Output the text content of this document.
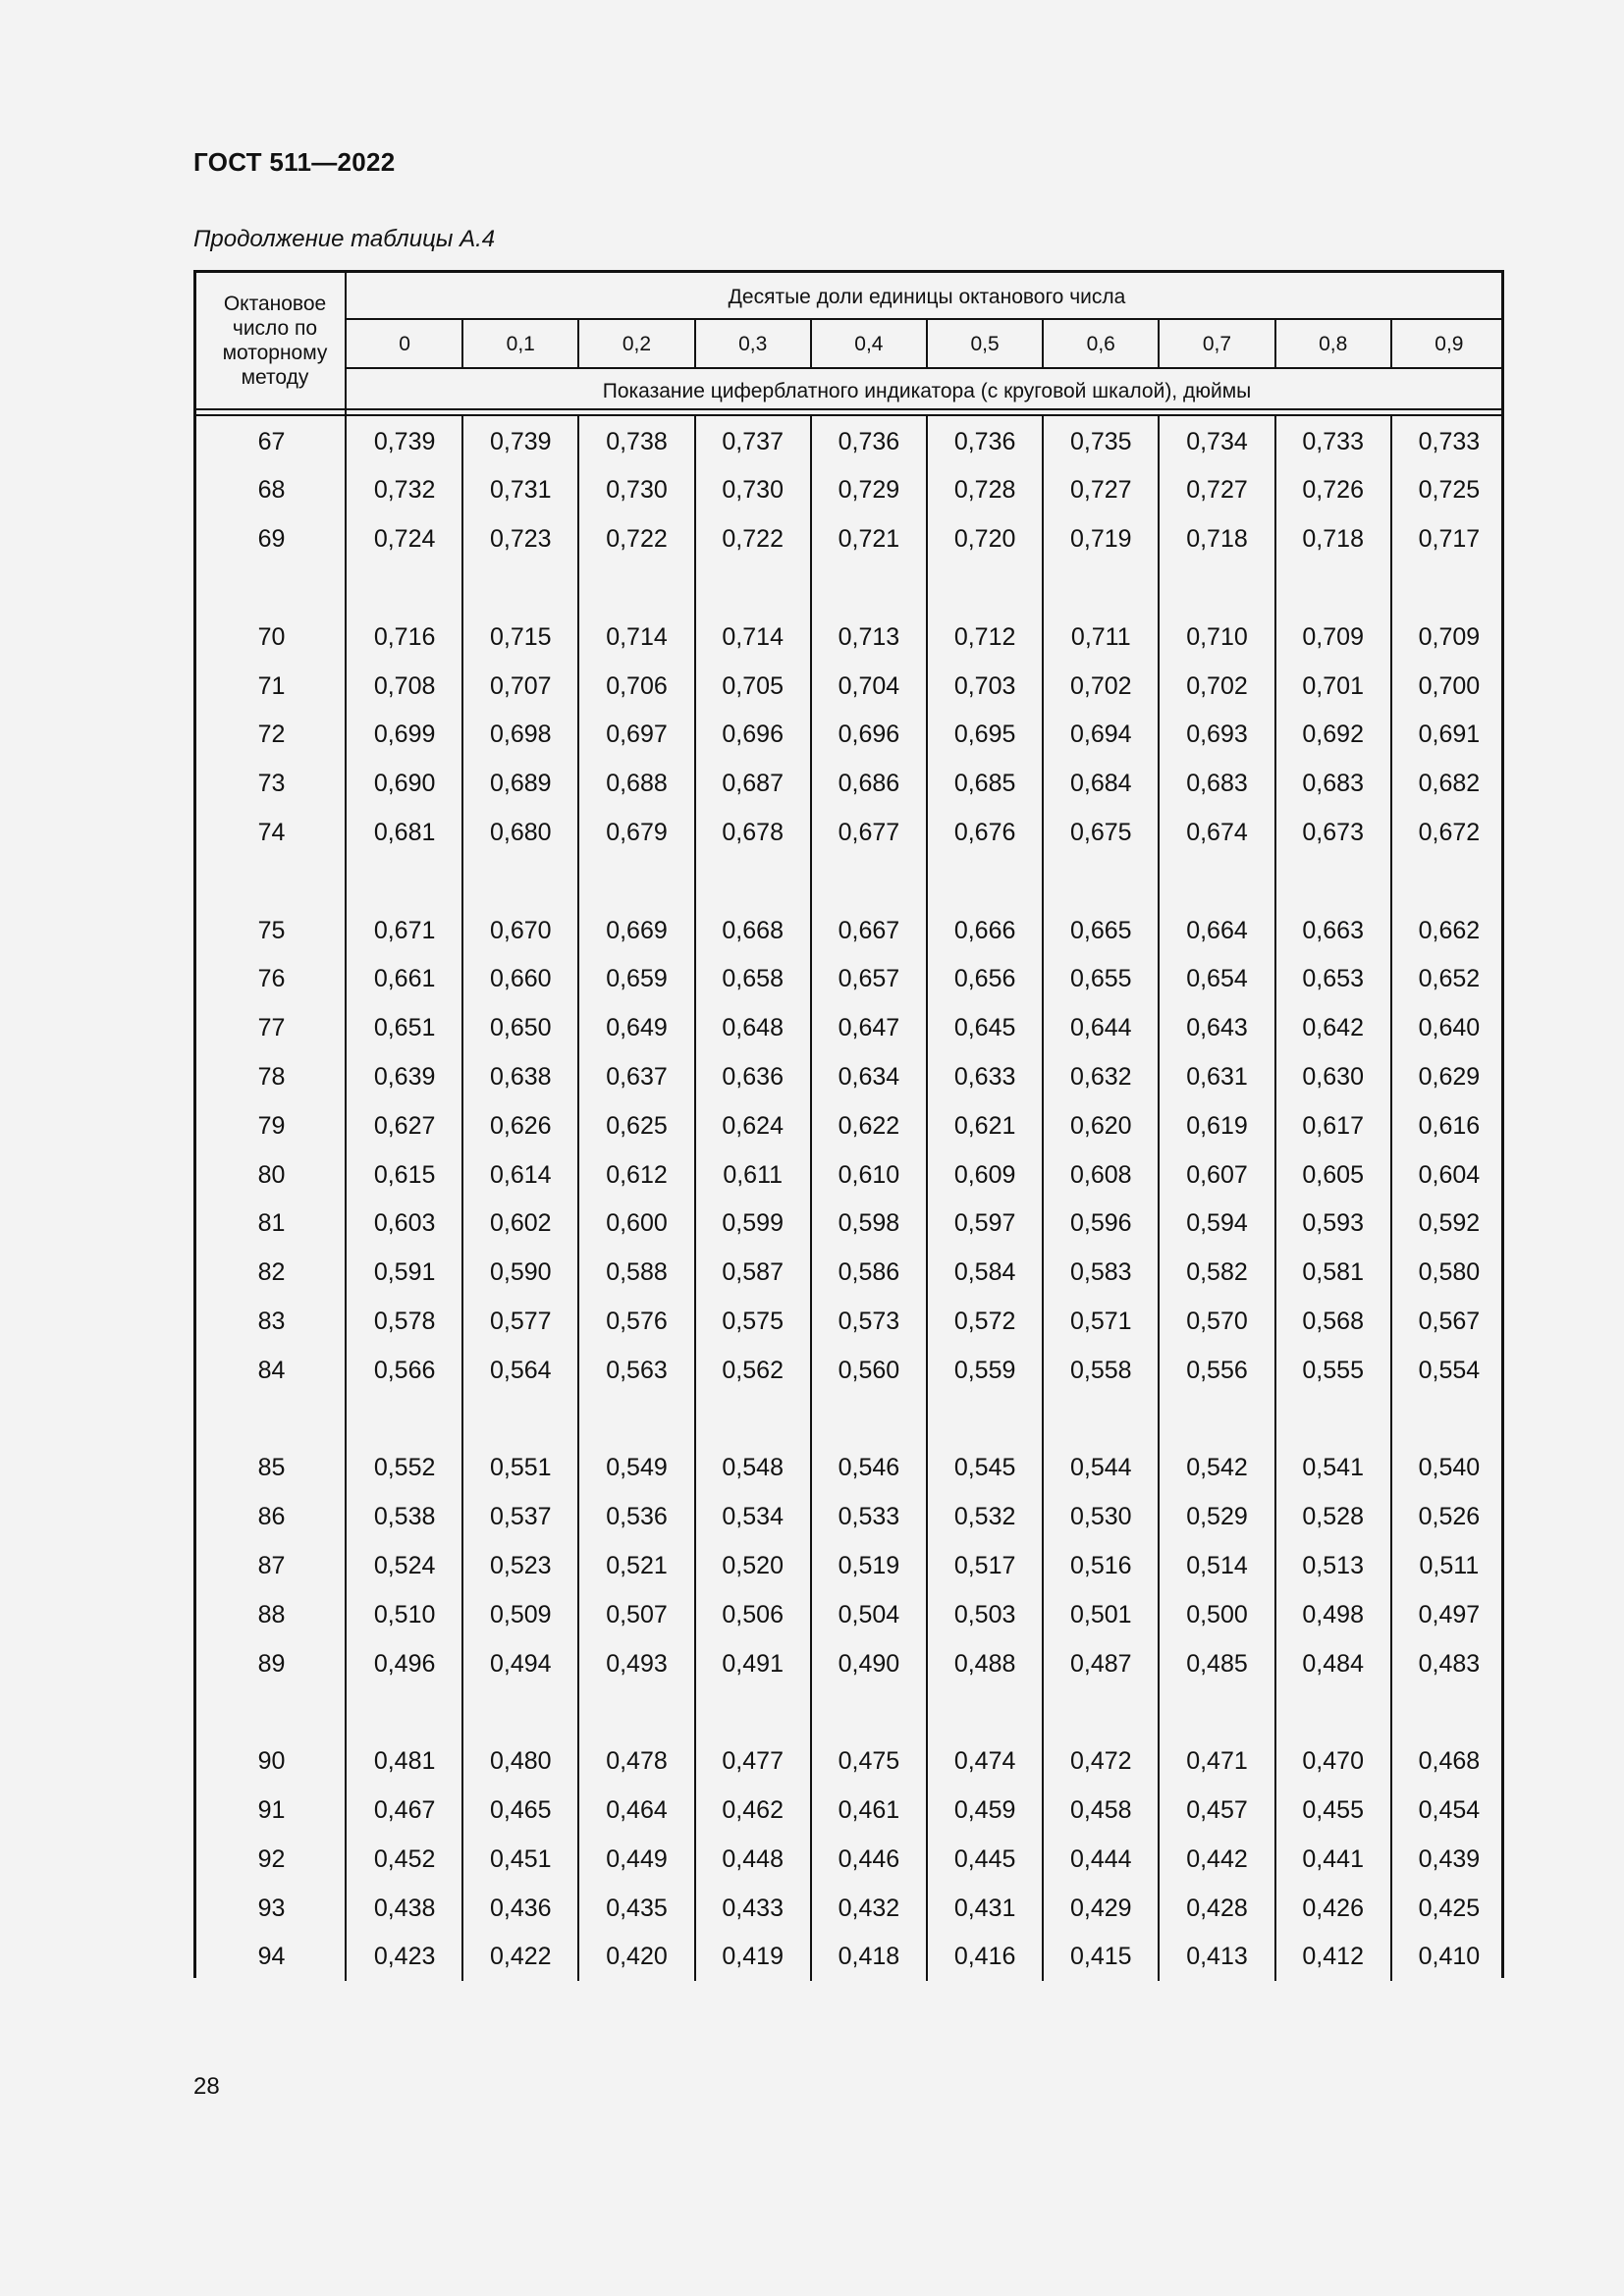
ГОСТ 511—2022
Продолжение таблицы А.4
Октановое число по моторному методу
Десятые доли единицы октанового числа
Показание циферблатного индикатора (с круговой шкалой), дюймы
0	0,1	0,2	0,3	0,4	0,5	0,6	0,7	0,8	0,9
67	0,739	0,739	0,738	0,737	0,736	0,736	0,735	0,734	0,733	0,733
68	0,732	0,731	0,730	0,730	0,729	0,728	0,727	0,727	0,726	0,725
69	0,724	0,723	0,722	0,722	0,721	0,720	0,719	0,718	0,718	0,717
70	0,716	0,715	0,714	0,714	0,713	0,712	0,711	0,710	0,709	0,709
71	0,708	0,707	0,706	0,705	0,704	0,703	0,702	0,702	0,701	0,700
72	0,699	0,698	0,697	0,696	0,696	0,695	0,694	0,693	0,692	0,691
73	0,690	0,689	0,688	0,687	0,686	0,685	0,684	0,683	0,683	0,682
74	0,681	0,680	0,679	0,678	0,677	0,676	0,675	0,674	0,673	0,672
75	0,671	0,670	0,669	0,668	0,667	0,666	0,665	0,664	0,663	0,662
76	0,661	0,660	0,659	0,658	0,657	0,656	0,655	0,654	0,653	0,652
77	0,651	0,650	0,649	0,648	0,647	0,645	0,644	0,643	0,642	0,640
78	0,639	0,638	0,637	0,636	0,634	0,633	0,632	0,631	0,630	0,629
79	0,627	0,626	0,625	0,624	0,622	0,621	0,620	0,619	0,617	0,616
80	0,615	0,614	0,612	0,611	0,610	0,609	0,608	0,607	0,605	0,604
81	0,603	0,602	0,600	0,599	0,598	0,597	0,596	0,594	0,593	0,592
82	0,591	0,590	0,588	0,587	0,586	0,584	0,583	0,582	0,581	0,580
83	0,578	0,577	0,576	0,575	0,573	0,572	0,571	0,570	0,568	0,567
84	0,566	0,564	0,563	0,562	0,560	0,559	0,558	0,556	0,555	0,554
85	0,552	0,551	0,549	0,548	0,546	0,545	0,544	0,542	0,541	0,540
86	0,538	0,537	0,536	0,534	0,533	0,532	0,530	0,529	0,528	0,526
87	0,524	0,523	0,521	0,520	0,519	0,517	0,516	0,514	0,513	0,511
88	0,510	0,509	0,507	0,506	0,504	0,503	0,501	0,500	0,498	0,497
89	0,496	0,494	0,493	0,491	0,490	0,488	0,487	0,485	0,484	0,483
90	0,481	0,480	0,478	0,477	0,475	0,474	0,472	0,471	0,470	0,468
91	0,467	0,465	0,464	0,462	0,461	0,459	0,458	0,457	0,455	0,454
92	0,452	0,451	0,449	0,448	0,446	0,445	0,444	0,442	0,441	0,439
93	0,438	0,436	0,435	0,433	0,432	0,431	0,429	0,428	0,426	0,425
94	0,423	0,422	0,420	0,419	0,418	0,416	0,415	0,413	0,412	0,410
28
